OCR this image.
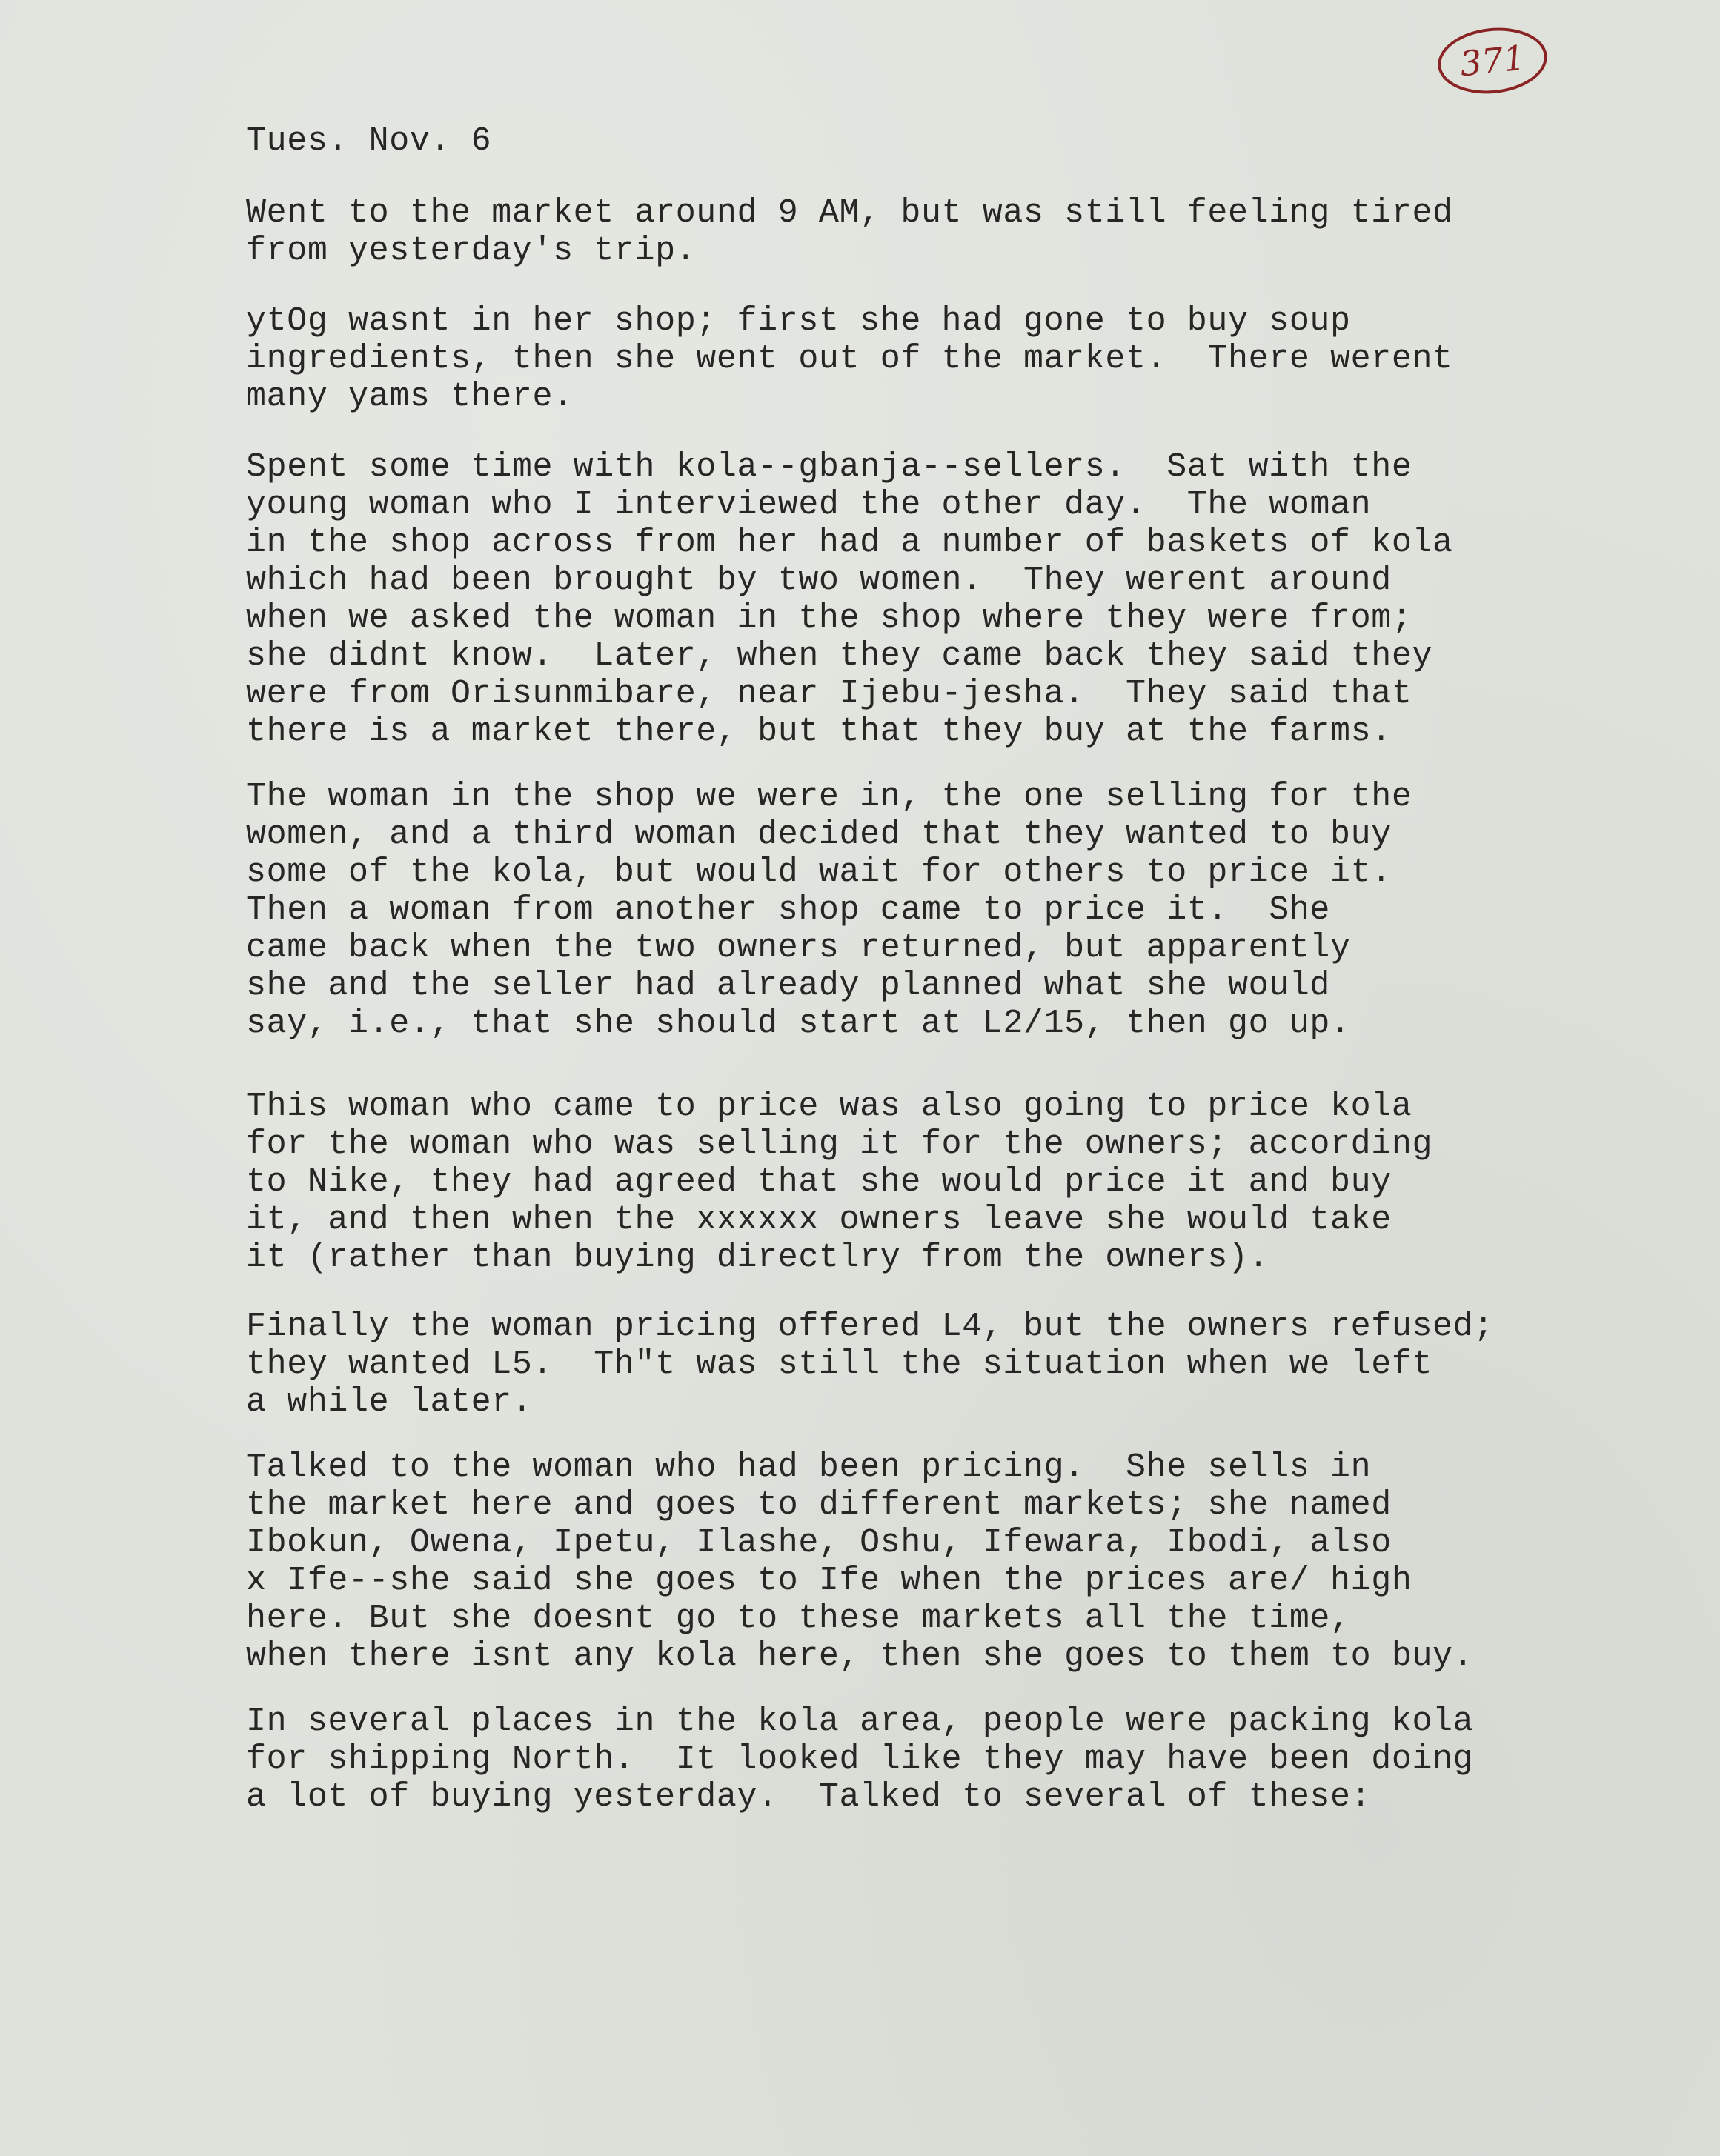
371

Tues. Nov. 6

Went to the market around 9 AM, but was still feeling tired
from yesterday's trip.

ytOg wasnt in her shop; first she had gone to buy soup
ingredients, then she went out of the market.  There werent
many yams there.

Spent some time with kola--gbanja--sellers.  Sat with the
young woman who I interviewed the other day.  The woman
in the shop across from her had a number of baskets of kola
which had been brought by two women.  They werent around
when we asked the woman in the shop where they were from;
she didnt know.  Later, when they came back they said they
were from Orisunmibare, near Ijebu-jesha.  They said that
there is a market there, but that they buy at the farms.

The woman in the shop we were in, the one selling for the
women, and a third woman decided that they wanted to buy
some of the kola, but would wait for others to price it.
Then a woman from another shop came to price it.  She
came back when the two owners returned, but apparently
she and the seller had already planned what she would
say, i.e., that she should start at L2/15, then go up.

This woman who came to price was also going to price kola
for the woman who was selling it for the owners; according
to Nike, they had agreed that she would price it and buy
it, and then when the xxxxxx owners leave she would take
it (rather than buying directlry from the owners).

Finally the woman pricing offered L4, but the owners refused;
they wanted L5.  Th"t was still the situation when we left
a while later.

Talked to the woman who had been pricing.  She sells in
the market here and goes to different markets; she named
Ibokun, Owena, Ipetu, Ilashe, Oshu, Ifewara, Ibodi, also
x Ife--she said she goes to Ife when the prices are/ high
here. But she doesnt go to these markets all the time,
when there isnt any kola here, then she goes to them to buy.

In several places in the kola area, people were packing kola
for shipping North.  It looked like they may have been doing
a lot of buying yesterday.  Talked to several of these:
